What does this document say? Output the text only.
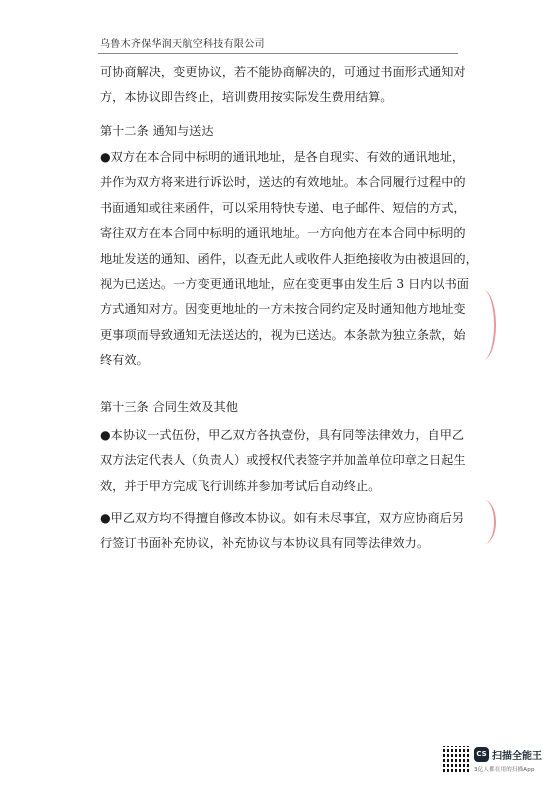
乌鲁木齐保华润天航空科技有限公司
可协商解决，变更协议，若不能协商解决的，可通过书面形式通知对
方，本协议即告终止，培训费用按实际发生费用结算。
第十二条 通知与送达
●双方在本合同中标明的通讯地址，是各自现实、有效的通讯地址，
并作为双方将来进行诉讼时，送达的有效地址。本合同履行过程中的
书面通知或往来函件，可以采用特快专递、电子邮件、短信的方式，
寄往双方在本合同中标明的通讯地址。一方向他方在本合同中标明的
地址发送的通知、函件，以查无此人或收件人拒绝接收为由被退回的，
视为已送达。一方变更通讯地址，应在变更事由发生后 3 日内以书面
方式通知对方。因变更地址的一方未按合同约定及时通知他方地址变
更事项而导致通知无法送达的，视为已送达。本条款为独立条款，始
终有效。
第十三条 合同生效及其他
●本协议一式伍份，甲乙双方各执壹份，具有同等法律效力，自甲乙
双方法定代表人（负责人）或授权代表签字并加盖单位印章之日起生
效，并于甲方完成飞行训练并参加考试后自动终止。
●甲乙双方均不得擅自修改本协议。如有未尽事宜，双方应协商后另
行签订书面补充协议，补充协议与本协议具有同等法律效力。
CS 扫描全能王
3亿人都在用的扫描App
